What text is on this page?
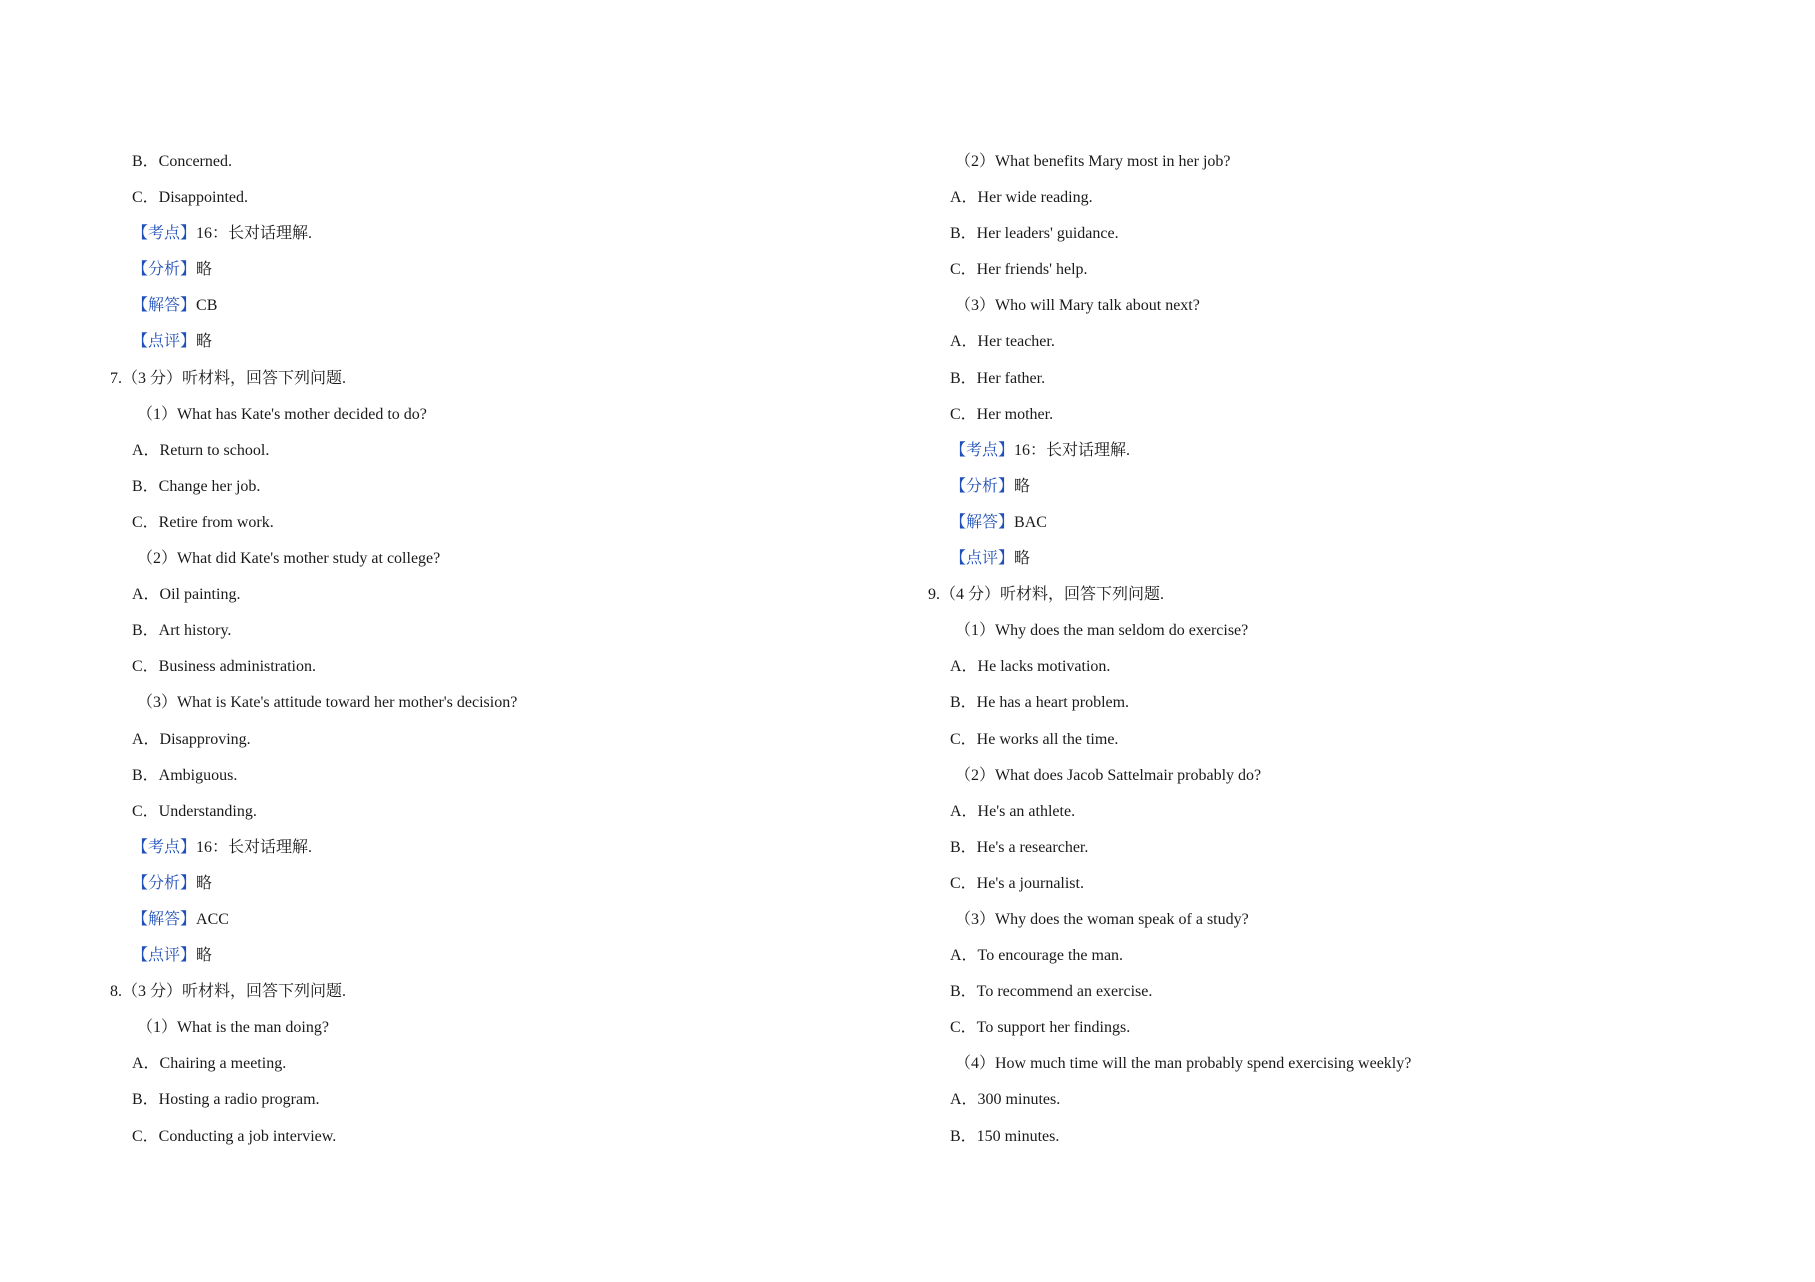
B．Concerned.
C．Disappointed.
【考点】16：长对话理解.
【分析】略
【解答】CB
【点评】略
7.（3 分）听材料，回答下列问题.
（1）What has Kate's mother decided to do?
A．Return to school.
B．Change her job.
C．Retire from work.
（2）What did Kate's mother study at college?
A．Oil painting.
B．Art history.
C．Business administration.
（3）What is Kate's attitude toward her mother's decision?
A．Disapproving.
B．Ambiguous.
C．Understanding.
【考点】16：长对话理解.
【分析】略
【解答】ACC
【点评】略
8.（3 分）听材料，回答下列问题.
（1）What is the man doing?
A．Chairing a meeting.
B．Hosting a radio program.
C．Conducting a job interview.
（2）What benefits Mary most in her job?
A．Her wide reading.
B．Her leaders' guidance.
C．Her friends' help.
（3）Who will Mary talk about next?
A．Her teacher.
B．Her father.
C．Her mother.
【考点】16：长对话理解.
【分析】略
【解答】BAC
【点评】略
9.（4 分）听材料，回答下列问题.
（1）Why does the man seldom do exercise?
A．He lacks motivation.
B．He has a heart problem.
C．He works all the time.
（2）What does Jacob Sattelmair probably do?
A．He's an athlete.
B．He's a researcher.
C．He's a journalist.
（3）Why does the woman speak of a study?
A．To encourage the man.
B．To recommend an exercise.
C．To support her findings.
（4）How much time will the man probably spend exercising weekly?
A．300 minutes.
B．150 minutes.
